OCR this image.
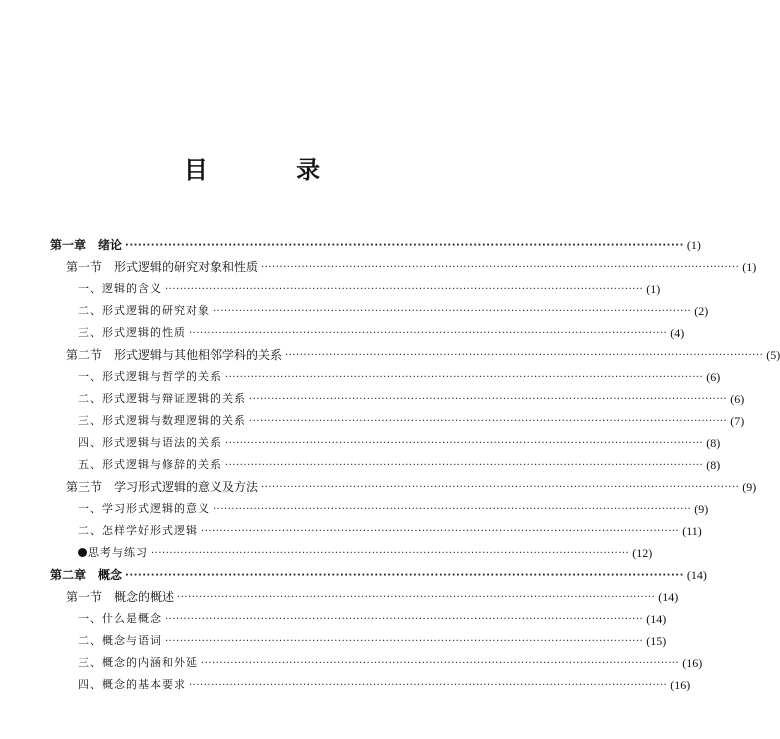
目 录
第一章　绪论 ·································································································································· (1)
第一节　形式逻辑的研究对象和性质 ·································································································································· (1)
一、逻辑的含义 ·································································································································· (1)
二、形式逻辑的研究对象 ·································································································································· (2)
三、形式逻辑的性质 ·································································································································· (4)
第二节　形式逻辑与其他相邻学科的关系 ·································································································································· (5)
一、形式逻辑与哲学的关系 ·································································································································· (6)
二、形式逻辑与辩证逻辑的关系 ·································································································································· (6)
三、形式逻辑与数理逻辑的关系 ·································································································································· (7)
四、形式逻辑与语法的关系 ·································································································································· (8)
五、形式逻辑与修辞的关系 ·································································································································· (8)
第三节　学习形式逻辑的意义及方法 ·································································································································· (9)
一、学习形式逻辑的意义 ·································································································································· (9)
二、怎样学好形式逻辑 ·································································································································· (11)
思考与练习 ·································································································································· (12)
第二章　概念 ·································································································································· (14)
第一节　概念的概述 ·································································································································· (14)
一、什么是概念 ·································································································································· (14)
二、概念与语词 ·································································································································· (15)
三、概念的内涵和外延 ·································································································································· (16)
四、概念的基本要求 ·································································································································· (16)
